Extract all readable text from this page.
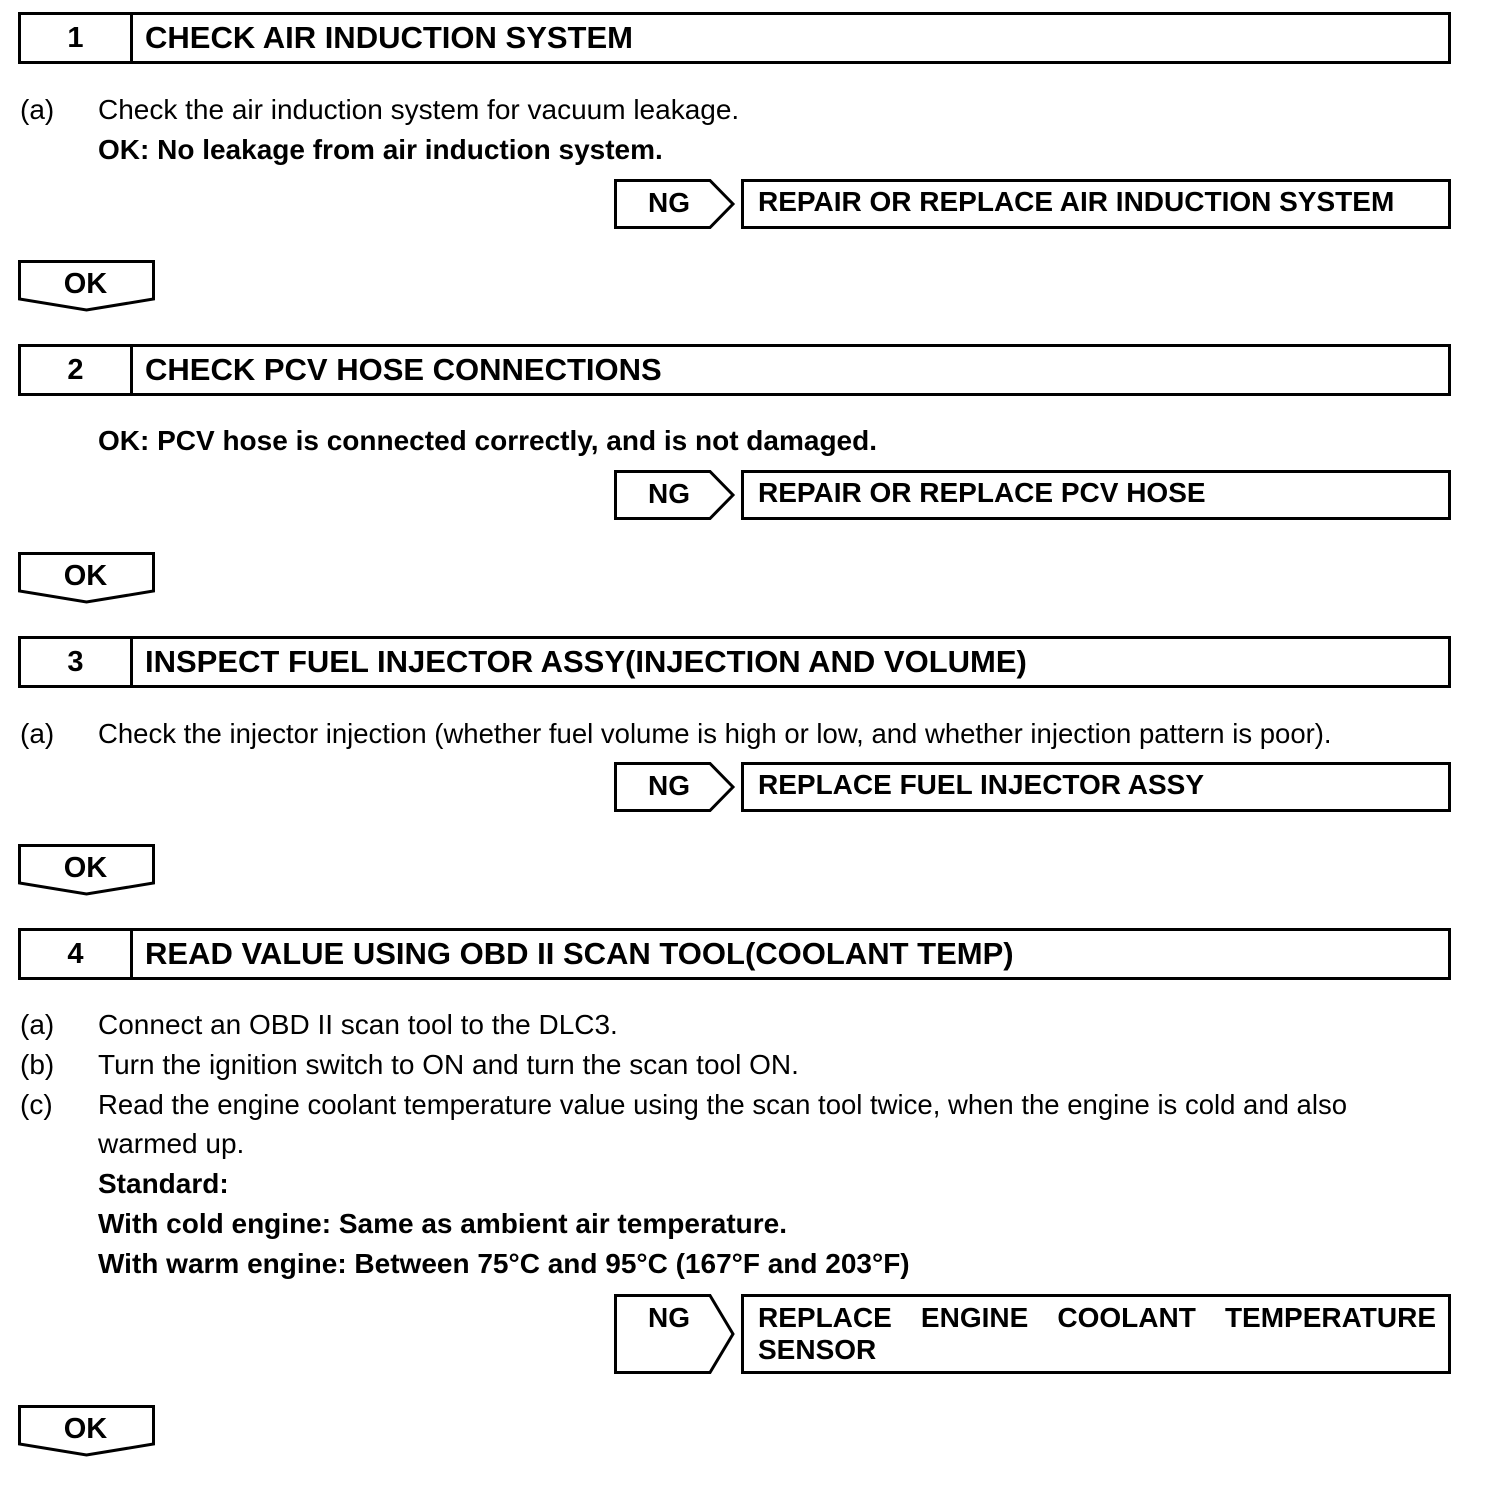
1	CHECK AIR INDUCTION SYSTEM
(a) Check the air induction system for vacuum leakage.
OK: No leakage from air induction system.
NG	REPAIR OR REPLACE AIR INDUCTION SYSTEM
OK
2	CHECK PCV HOSE CONNECTIONS
OK: PCV hose is connected correctly, and is not damaged.
NG	REPAIR OR REPLACE PCV HOSE
OK
3	INSPECT FUEL INJECTOR ASSY(INJECTION AND VOLUME)
(a) Check the injector injection (whether fuel volume is high or low, and whether injection pattern is poor).
NG	REPLACE FUEL INJECTOR ASSY
OK
4	READ VALUE USING OBD II SCAN TOOL(COOLANT TEMP)
(a) Connect an OBD II scan tool to the DLC3.
(b) Turn the ignition switch to ON and turn the scan tool ON.
(c) Read the engine coolant temperature value using the scan tool twice, when the engine is cold and also
warmed up.
Standard:
With cold engine: Same as ambient air temperature.
With warm engine: Between 75°C and 95°C (167°F and 203°F)
NG	REPLACE ENGINE COOLANT TEMPERATURE
SENSOR
OK
